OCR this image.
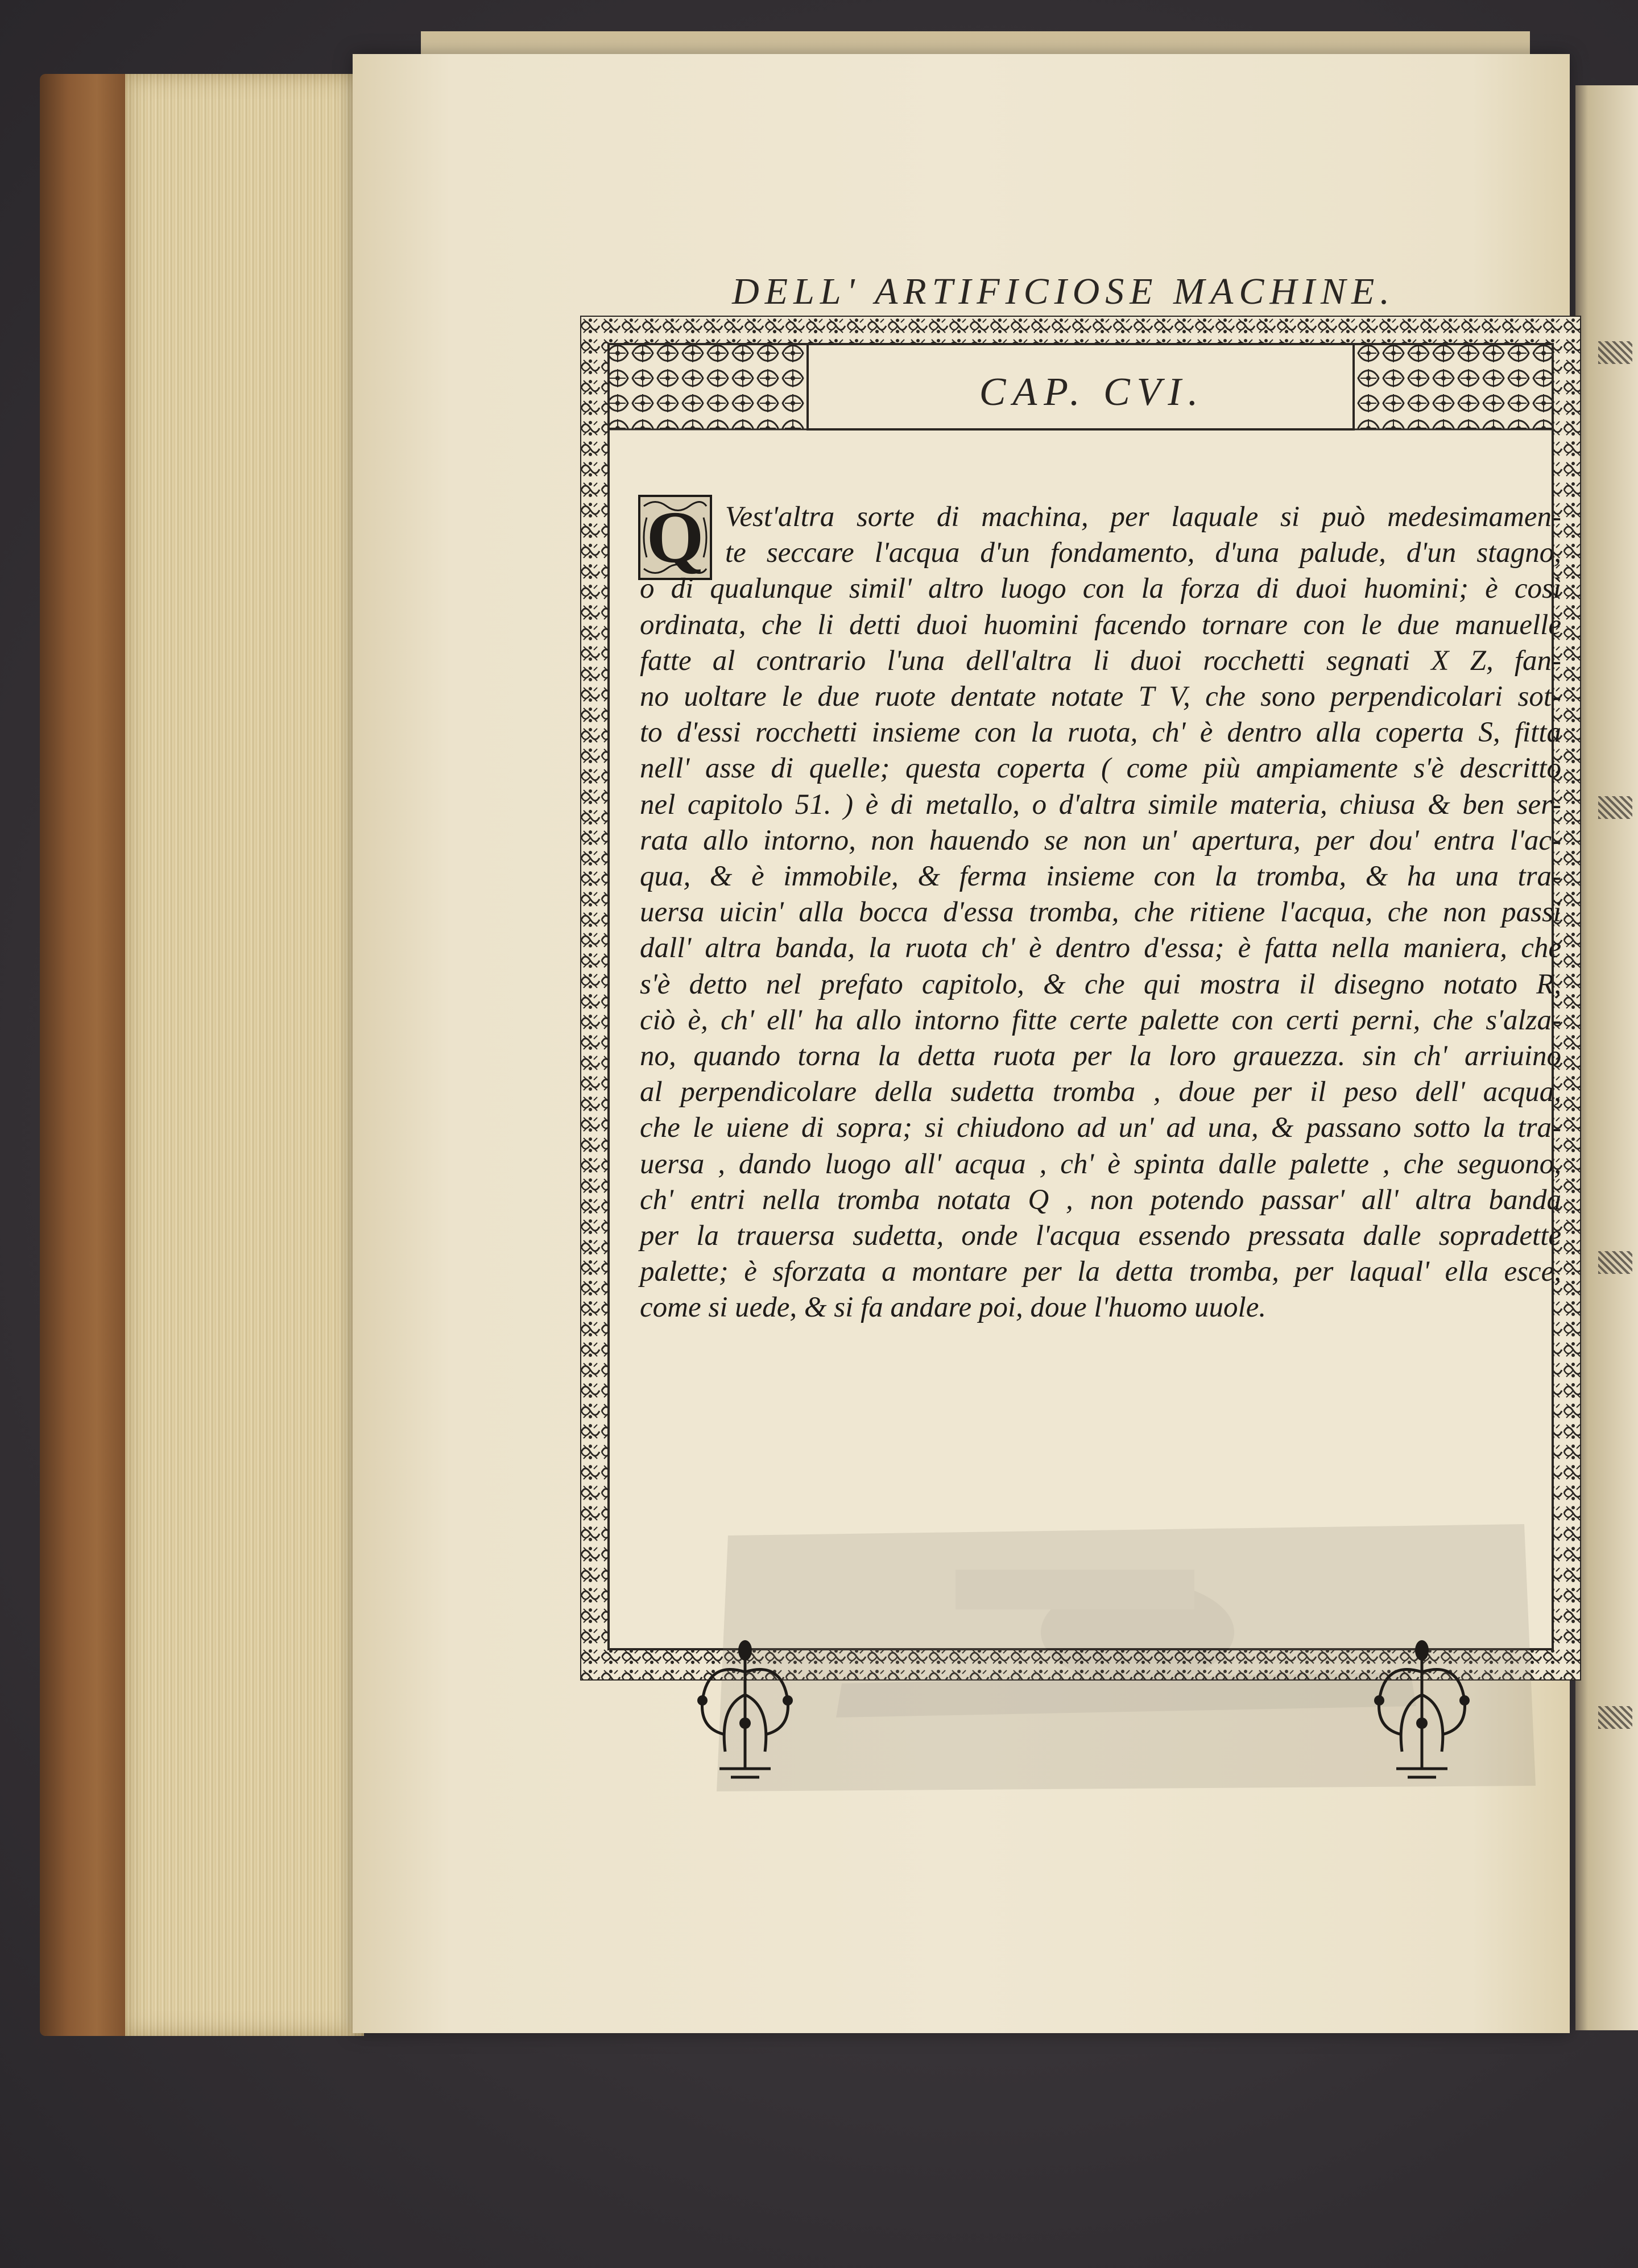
DELL' ARTIFICIOSE MACHINE.
CAP. CVI.
Q Vest'altra sorte di machina, per laquale si può medesimamen-
te seccare l'acqua d'un fondamento, d'una palude, d'un stagno,
o di qualunque simil' altro luogo con la forza di duoi huomini; è così
ordinata, che li detti duoi huomini facendo tornare con le due manuelle
fatte al contrario l'una dell'altra li duoi rocchetti segnati X Z, fan-
no uoltare le due ruote dentate notate T V, che sono perpendicolari sot-
to d'essi rocchetti insieme con la ruota, ch' è dentro alla coperta S, fitta
nell' asse di quelle; questa coperta ( come più ampiamente s'è descritto
nel capitolo 51. ) è di metallo, o d'altra simile materia, chiusa & ben ser-
rata allo intorno, non hauendo se non un' apertura, per dou' entra l'ac-
qua, & è immobile, & ferma insieme con la tromba, & ha una tra-
uersa uicin' alla bocca d'essa tromba, che ritiene l'acqua, che non passi
dall' altra banda, la ruota ch' è dentro d'essa; è fatta nella maniera, che
s'è detto nel prefato capitolo, & che qui mostra il disegno notato R,
ciò è, ch' ell' ha allo intorno fitte certe palette con certi perni, che s'alza-
no, quando torna la detta ruota per la loro grauezza. sin ch' arriuino
al perpendicolare della sudetta tromba , doue per il peso dell' acqua,
che le uiene di sopra; si chiudono ad un' ad una, & passano sotto la tra-
uersa , dando luogo all' acqua , ch' è spinta dalle palette , che seguono,
ch' entri nella tromba notata Q , non potendo passar' all' altra banda
per la trauersa sudetta, onde l'acqua essendo pressata dalle sopradette
palette; è sforzata a montare per la detta tromba, per laqual' ella esce,
come si uede, & si fa andare poi, doue l'huomo uuole.
